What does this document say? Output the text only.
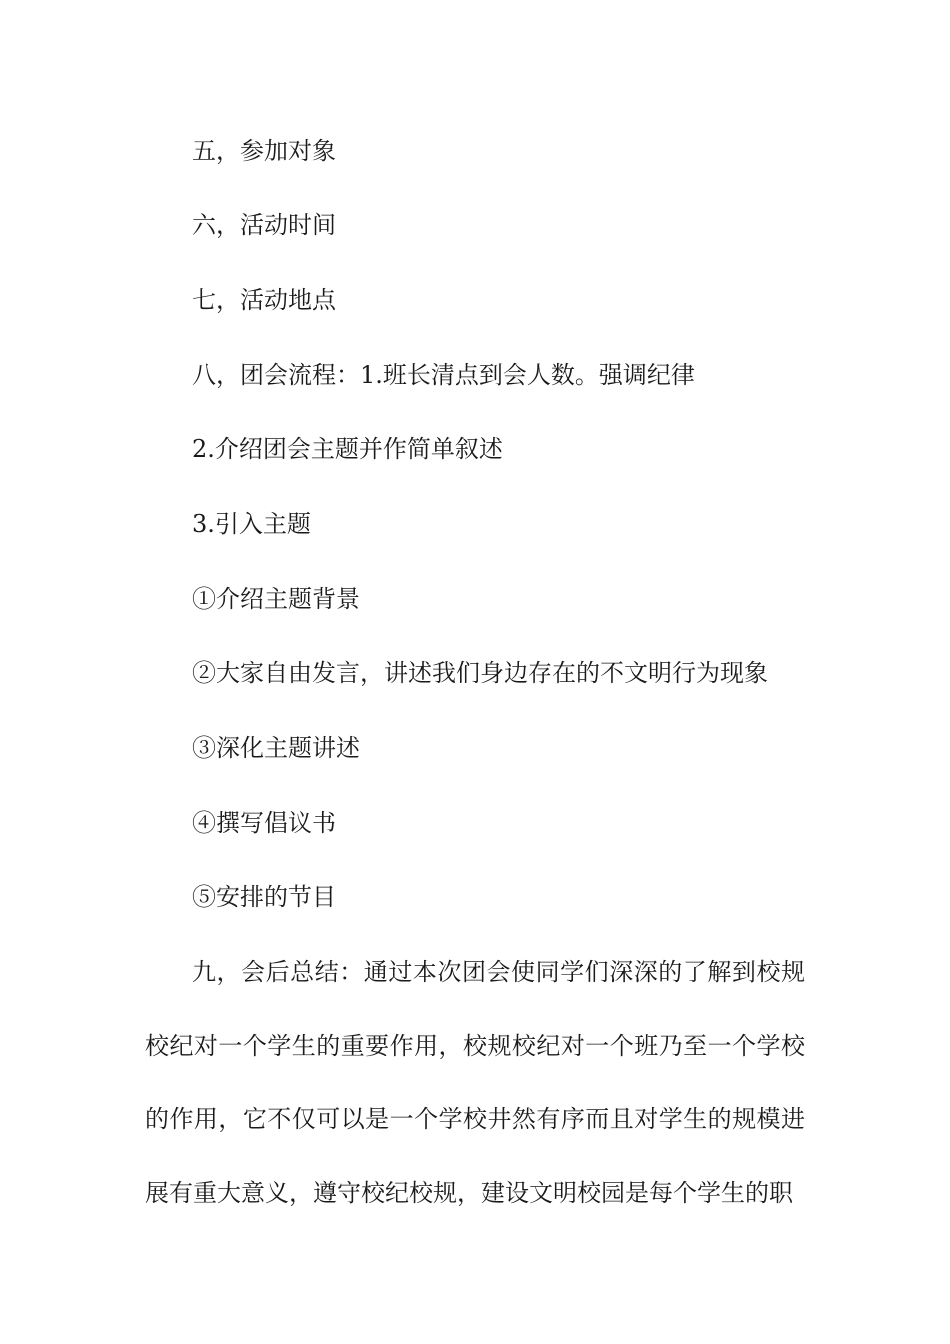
五，参加对象
六，活动时间
七，活动地点
八，团会流程：1.班长清点到会人数。强调纪律
2.介绍团会主题并作简单叙述
3.引入主题
①介绍主题背景
②大家自由发言，讲述我们身边存在的不文明行为现象
③深化主题讲述
④撰写倡议书
⑤安排的节目
九，会后总结：通过本次团会使同学们深深的了解到校规校纪对一个学生的重要作用，校规校纪对一个班乃至一个学校的作用，它不仅可以是一个学校井然有序而且对学生的规模进展有重大意义，遵守校纪校规，建设文明校园是每个学生的职
